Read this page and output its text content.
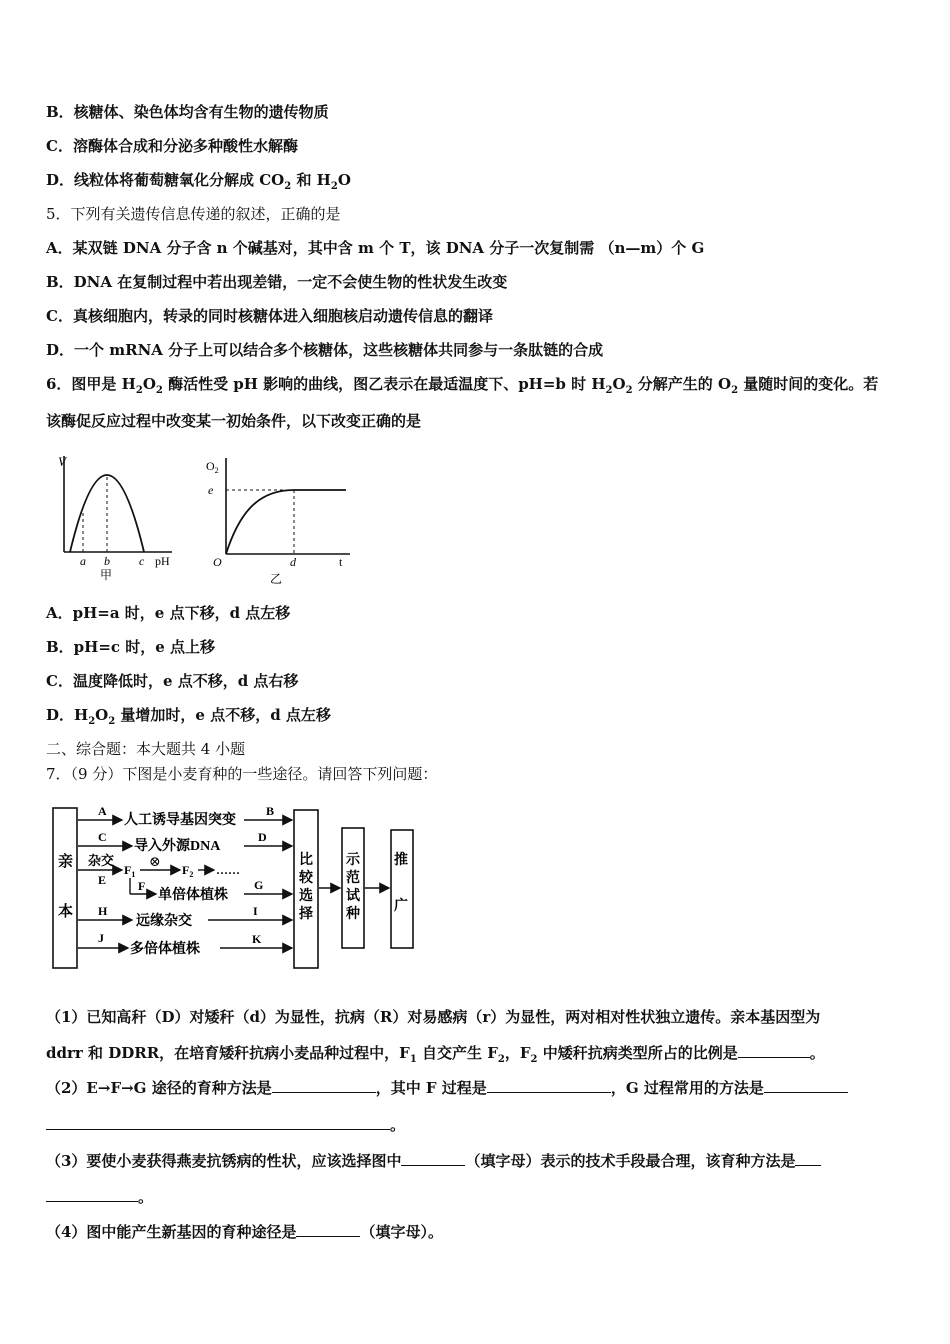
B．核糖体、染色体均含有生物的遗传物质
C．溶酶体合成和分泌多种酸性水解酶
D．线粒体将葡萄糖氧化分解成 $CO_2$ 和 $H_2O$
5．下列有关遗传信息传递的叙述，正确的是
A．某双链 DNA 分子含 n 个碱基对，其中含 m 个 T，该 DNA 分子一次复制需 （n—m）个 G
B．DNA 在复制过程中若出现差错，一定不会使生物的性状发生改变
C．真核细胞内，转录的同时核糖体进入细胞核启动遗传信息的翻译
D．一个 mRNA 分子上可以结合多个核糖体，这些核糖体共同参与一条肽链的合成
6．图甲是 $H_2O_2$ 酶活性受 pH 影响的曲线，图乙表示在最适温度下、pH=b 时 $H_2O_2$ 分解产生的 $O_2$ 量随时间的变化。若
该酶促反应过程中改变某一初始条件，以下改变正确的是
V
a b c pH
甲
$O_2$
e
O	d	t
乙
A．pH=a 时，e 点下移，d 点左移
B．pH=c 时，e 点上移
C．温度降低时，e 点不移，d 点右移
D．$H_2O_2$ 量增加时，e 点不移，d 点左移
二、综合题：本大题共 4 小题
7．（9 分）下图是小麦育种的一些途径。请回答下列问题：
亲
本
比
较
选
择
示
范
试
种
推
广
A
人工诱导基因突变
B
C
导入外源DNA
D
杂交
$F_1$
⊗ $F_2$ ……
E	F
单倍体植株
G
H
远缘杂交
I
J
多倍体植株
K
（1）已知高秆（D）对矮秆（d）为显性，抗病（R）对易感病（r）为显性，两对相对性状独立遗传。亲本基因型为
ddrr 和 DDRR，在培育矮秆抗病小麦品种过程中，$F_1$ 自交产生 $F_2$，$F_2$ 中矮秆抗病类型所占的比例是	。
（2）E→F→G 途径的育种方法是	，其中 F 过程是	，G 过程常用的方法是
。
（3）要使小麦获得燕麦抗锈病的性状，应该选择图中	（填字母）表示的技术手段最合理，该育种方法是
。
（4）图中能产生新基因的育种途径是	（填字母）。
